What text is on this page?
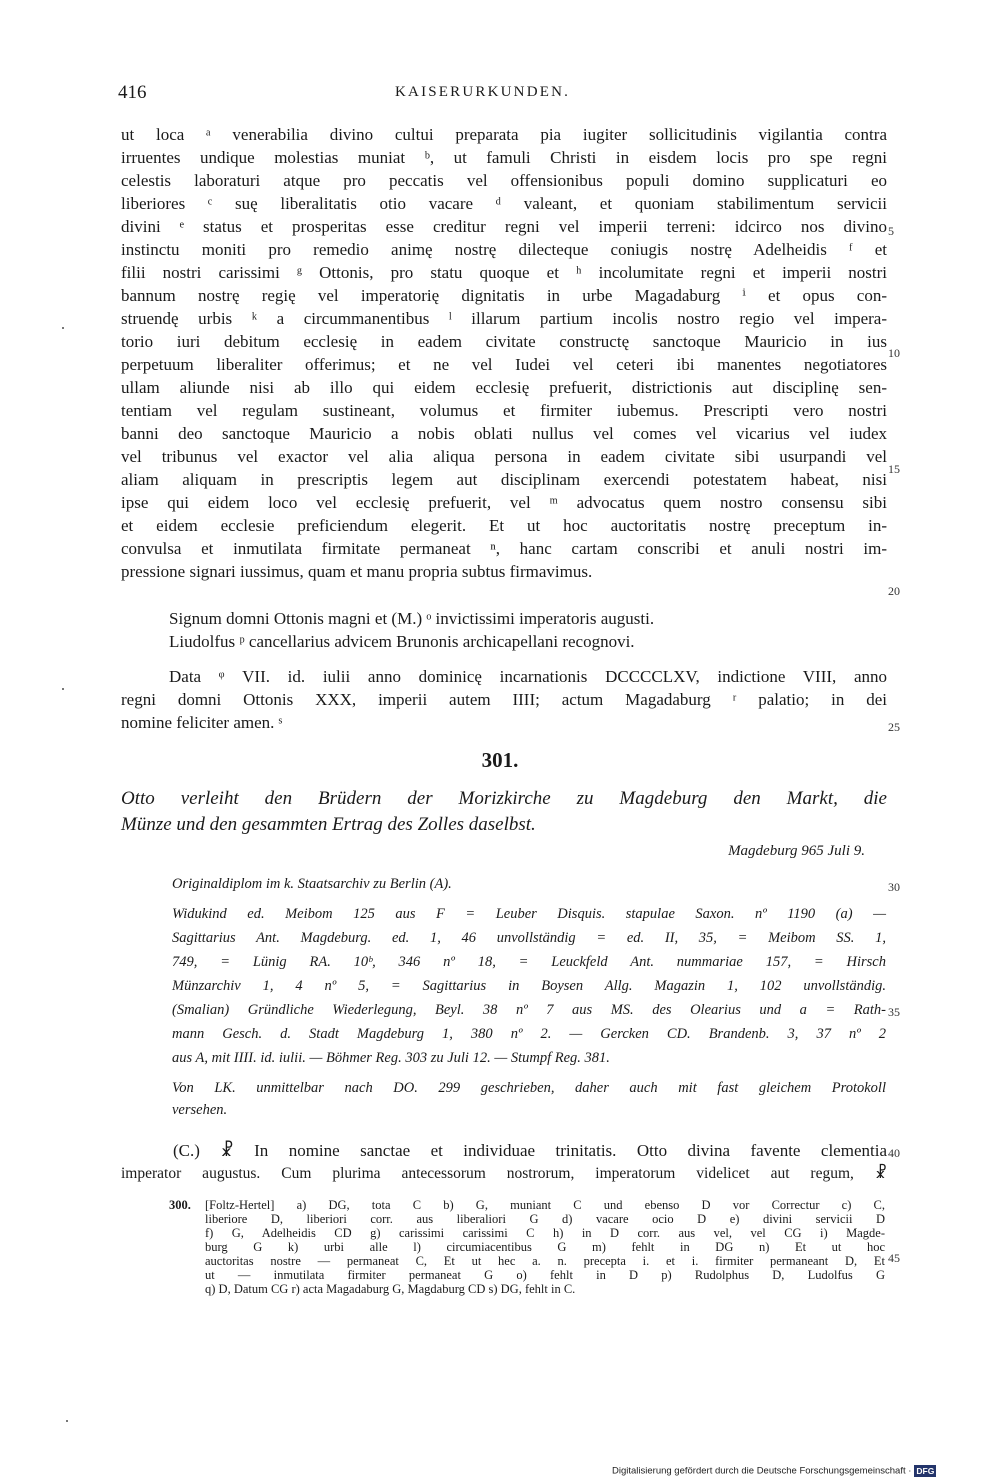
416	KAISERURKUNDEN.
ut loca ᵃ venerabilia divino cultui preparata pia iugiter sollicitudinis vigilantia contra
irruentes undique molestias muniat ᵇ, ut famuli Christi in eisdem locis pro spe regni
celestis laboraturi atque pro peccatis vel offensionibus populi domino supplicaturi eo
liberiores ᶜ suę liberalitatis otio vacare ᵈ valeant, et quoniam stabilimentum servicii
divini ᵉ status et prosperitas esse creditur regni vel imperii terreni: idcirco nos divino
instinctu moniti pro remedio animę nostrę dilecteque coniugis nostrę Adelheidis ᶠ et
filii nostri carissimi ᵍ Ottonis, pro statu quoque et ʰ incolumitate regni et imperii nostri
bannum nostrę regię vel imperatorię dignitatis in urbe Magadaburg ⁱ et opus con-
struendę urbis ᵏ a circummanentibus ˡ illarum partium incolis nostro regio vel impera-
torio iuri debitum ecclesię in eadem civitate constructę sanctoque Mauricio in ius
perpetuum liberaliter offerimus; et ne vel Iudei vel ceteri ibi manentes negotiatores
ullam aliunde nisi ab illo qui eidem ecclesię prefuerit, districtionis aut disciplinę sen-
tentiam vel regulam sustineant, volumus et firmiter iubemus. Prescripti vero nostri
banni deo sanctoque Mauricio a nobis oblati nullus vel comes vel vicarius vel iudex
vel tribunus vel exactor vel alia aliqua persona in eadem civitate sibi usurpandi vel
aliam aliquam in prescriptis legem aut disciplinam exercendi potestatem habeat, nisi
ipse qui eidem loco vel ecclesię prefuerit, vel ᵐ advocatus quem nostro consensu sibi
et eidem ecclesie preficiendum elegerit. Et ut hoc auctoritatis nostrę preceptum in-
convulsa et inmutilata firmitate permaneat ⁿ, hanc cartam conscribi et anuli nostri im-
pressione signari iussimus, quam et manu propria subtus firmavimus.
Signum domni Ottonis magni et (M.) ᵒ invictissimi imperatoris augusti.
Liudolfus ᵖ cancellarius advicem Brunonis archicapellani recognovi.
Data ᵠ VII. id. iulii anno dominicę incarnationis DCCCCLXV, indictione VIII, anno
regni domni Ottonis XXX, imperii autem IIII; actum Magadaburg ʳ palatio; in dei
nomine feliciter amen. ˢ
5
10
15
20
25
30
35
40
45
301.
Otto verleiht den Brüdern der Morizkirche zu Magdeburg den Markt, die
Münze und den gesammten Ertrag des Zolles daselbst.
Magdeburg 965 Juli 9.
Originaldiplom im k. Staatsarchiv zu Berlin (A).
Widukind ed. Meibom 125 aus F = Leuber Disquis. stapulae Saxon. nº 1190 (a) —
Sagittarius Ant. Magdeburg. ed. 1, 46 unvollständig = ed. II, 35, = Meibom SS. 1,
749, = Lünig RA. 10ᵇ, 346 nº 18, = Leuckfeld Ant. nummariae 157, = Hirsch
Münzarchiv 1, 4 nº 5, = Sagittarius in Boysen Allg. Magazin 1, 102 unvollständig.
(Smalian) Gründliche Wiederlegung, Beyl. 38 nº 7 aus MS. des Olearius und a = Rath-
mann Gesch. d. Stadt Magdeburg 1, 380 nº 2. — Gercken CD. Brandenb. 3, 37 nº 2
aus A, mit IIII. id. iulii. — Böhmer Reg. 303 zu Juli 12. — Stumpf Reg. 381.
Von LK. unmittelbar nach DO. 299 geschrieben, daher auch mit fast gleichem Protokoll
versehen.
(C.) ☧ In nomine sanctae et individuae trinitatis. Otto divina favente clementia
imperator augustus. Cum plurima antecessorum nostrorum, imperatorum videlicet aut regum, ☧
300. [Foltz-Hertel] a) DG, tota C b) G, muniant C und ebenso D vor Correctur c) C,
liberiore D, liberiori corr. aus liberaliori G d) vacare ocio D e) divini servicii D
f) G, Adelheidis CD g) carissimi carissimi C h) in D corr. aus vel, vel CG i) Magde-
burg G k) urbi alle l) circumiacentibus G m) fehlt in DG n) Et ut hoc
auctoritas nostre — permaneat C, Et ut hec a. n. precepta i. et i. firmiter permaneant D, Et
ut — inmutilata firmiter permaneat G o) fehlt in D p) Rudolphus D, Ludolfus G
q) D, Datum CG r) acta Magadaburg G, Magdaburg CD s) DG, fehlt in C.
Digitalisierung gefördert durch die Deutsche Forschungsgemeinschaft · DFG
